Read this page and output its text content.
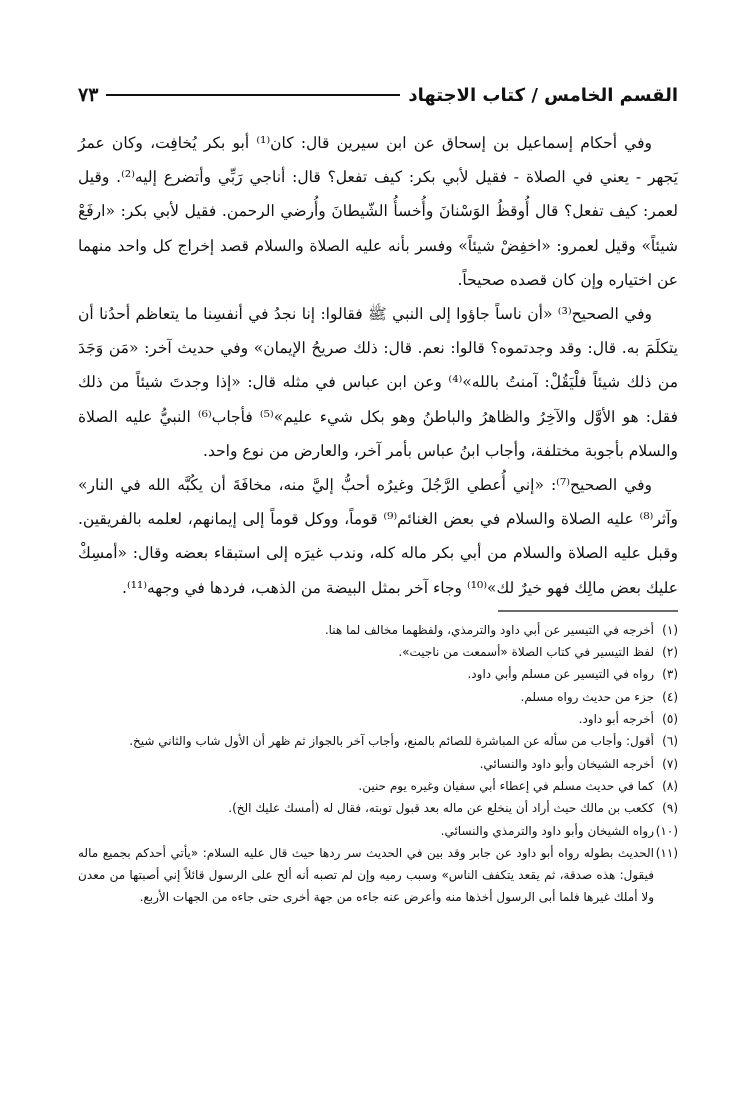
القسم الخامس / كتاب الاجتهاد
٧٣

وفي أحكام إسماعيل بن إسحاق عن ابن سيرين قال: كان⁽¹⁾ أبو بكر يُخافِت، وكان عمرُ يَجهر - يعني في الصلاة - فقيل لأبي بكر: كيف تفعل؟ قال: أناجي رَبِّي وأتضرع إليه⁽²⁾. وقيل لعمر: كيف تفعل؟ قال أُوقظُ الوَسْنانَ وأُخسأُ الشّيطانَ وأُرضي الرحمن. فقيل لأبي بكر: «ارفَعْ شيئاً» وقيل لعمرو: «اخفِضْ شيئاً» وفسر بأنه عليه الصلاة والسلام قصد إخراج كل واحد منهما عن اختياره وإن كان قصده صحيحاً.

وفي الصحيح⁽³⁾ «أن ناساً جاؤوا إلى النبي ﷺ فقالوا: إنا نجدُ في أنفسِنا ما يتعاظم أحدُنا أن يتكلَمَ به. قال: وقد وجدتموه؟ قالوا: نعم. قال: ذلك صريحُ الإيمان» وفي حديث آخر: «مَن وَجَدَ من ذلك شيئاً فلْيَقُلْ: آمنتُ بالله»⁽⁴⁾ وعن ابن عباس في مثله قال: «إذا وجدتَ شيئاً من ذلك فقل: هو الأوَّل والآخِرُ والظاهرُ والباطنُ وهو بكل شيء عليم»⁽⁵⁾ فأجاب⁽⁶⁾ النبيُّ عليه الصلاة والسلام بأجوبة مختلفة، وأجاب ابنُ عباس بأمر آخر، والعارض من نوع واحد.

وفي الصحيح⁽⁷⁾: «إني أُعطي الرَّجُلَ وغيرُه أحبُّ إليَّ منه، مخافَةَ أن يكُبَّه الله في النار» وآثر⁽⁸⁾ عليه الصلاة والسلام في بعض الغنائم⁽⁹⁾ قوماً، ووكل قوماً إلى إيمانهم، لعلمه بالفريقين. وقبل عليه الصلاة والسلام من أبي بكر ماله كله، وندب غيرَه إلى استبقاء بعضه وقال: «أمسِكْ عليك بعض مالِك فهو خيرٌ لك»⁽¹⁰⁾ وجاء آخر بمثل البيضة من الذهب، فردها في وجهه⁽¹¹⁾.

(١)
أخرجه في التيسير عن أبي داود والترمذي، ولفظهما مخالف لما هنا.
(٢)
لفظ التيسير في كتاب الصلاة «أسمعت من ناجيت».
(٣)
رواه في التيسير عن مسلم وأبي داود.
(٤)
جزء من حديث رواه مسلم.
(٥)
أخرجه أبو داود.
(٦)
أقول: وأجاب من سأله عن المباشرة للصائم بالمنع، وأجاب آخر بالجواز ثم ظهر أن الأول شاب والثاني شيخ.
(٧)
أخرجه الشيخان وأبو داود والنسائي.
(٨)
كما في حديث مسلم في إعطاء أبي سفيان وغيره يوم حنين.
(٩)
ككعب بن مالك حيث أراد أن ينخلع عن ماله بعد قبول توبته، فقال له (أمسك عليك الخ).
(١٠)
رواه الشيخان وأبو داود والترمذي والنسائي.
(١١)
الحديث بطوله رواه أبو داود عن جابر وقد بين في الحديث سر ردها حيث قال عليه السلام: «يأتي أحدكم بجميع ماله فيقول: هذه صدقة، ثم يقعد يتكفف الناس» وسبب رميه وإن لم تصبه أنه ألح على الرسول قائلاً إني أصبتها من معدن ولا أملك غيرها فلما أبى الرسول أخذها منه وأعرض عنه جاءه من جهة أخرى حتى جاءه من الجهات الأربع.
